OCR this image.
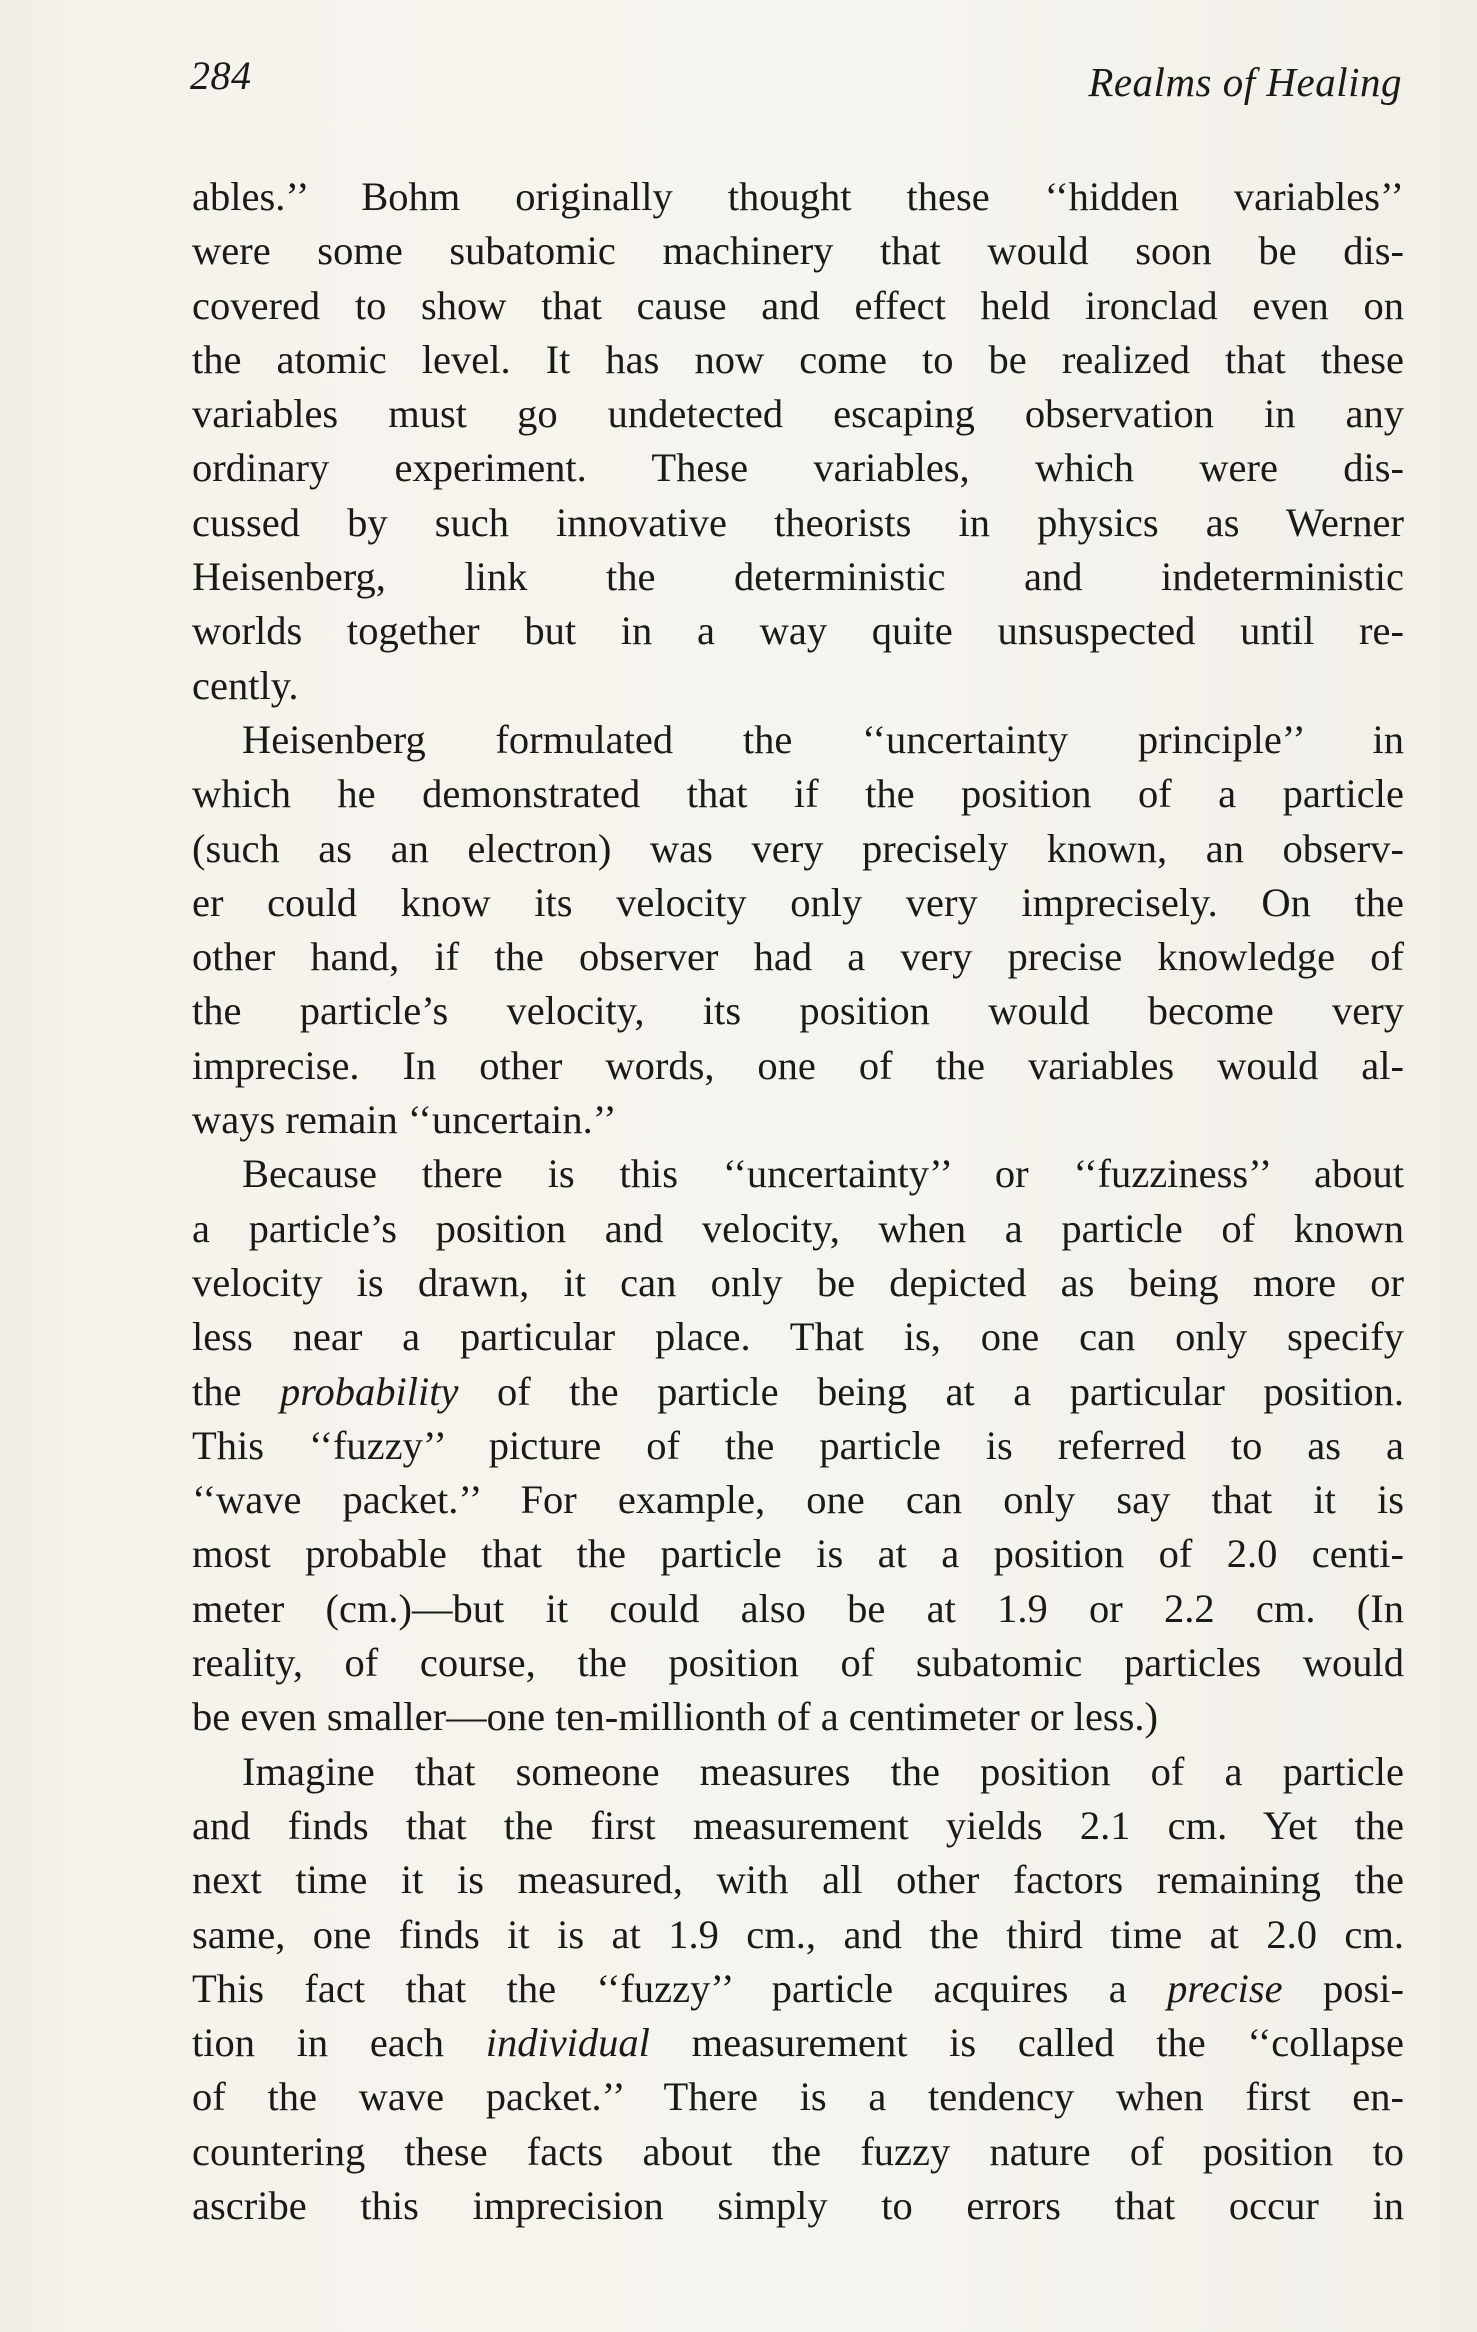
284	Realms of Healing
ables.’’ Bohm originally thought these ‘‘hidden variables’’
were some subatomic machinery that would soon be dis-
covered to show that cause and effect held ironclad even on
the atomic level. It has now come to be realized that these
variables must go undetected escaping observation in any
ordinary experiment. These variables, which were dis-
cussed by such innovative theorists in physics as Werner
Heisenberg, link the deterministic and indeterministic
worlds together but in a way quite unsuspected until re-
cently.
Heisenberg formulated the ‘‘uncertainty principle’’ in
which he demonstrated that if the position of a particle
(such as an electron) was very precisely known, an observ-
er could know its velocity only very imprecisely. On the
other hand, if the observer had a very precise knowledge of
the particle’s velocity, its position would become very
imprecise. In other words, one of the variables would al-
ways remain ‘‘uncertain.’’
Because there is this ‘‘uncertainty’’ or ‘‘fuzziness’’ about
a particle’s position and velocity, when a particle of known
velocity is drawn, it can only be depicted as being more or
less near a particular place. That is, one can only specify
the probability of the particle being at a particular position.
This ‘‘fuzzy’’ picture of the particle is referred to as a
‘‘wave packet.’’ For example, one can only say that it is
most probable that the particle is at a position of 2.0 centi-
meter (cm.)—but it could also be at 1.9 or 2.2 cm. (In
reality, of course, the position of subatomic particles would
be even smaller—one ten-millionth of a centimeter or less.)
Imagine that someone measures the position of a particle
and finds that the first measurement yields 2.1 cm. Yet the
next time it is measured, with all other factors remaining the
same, one finds it is at 1.9 cm., and the third time at 2.0 cm.
This fact that the ‘‘fuzzy’’ particle acquires a precise posi-
tion in each individual measurement is called the ‘‘collapse
of the wave packet.’’ There is a tendency when first en-
countering these facts about the fuzzy nature of position to
ascribe this imprecision simply to errors that occur in
